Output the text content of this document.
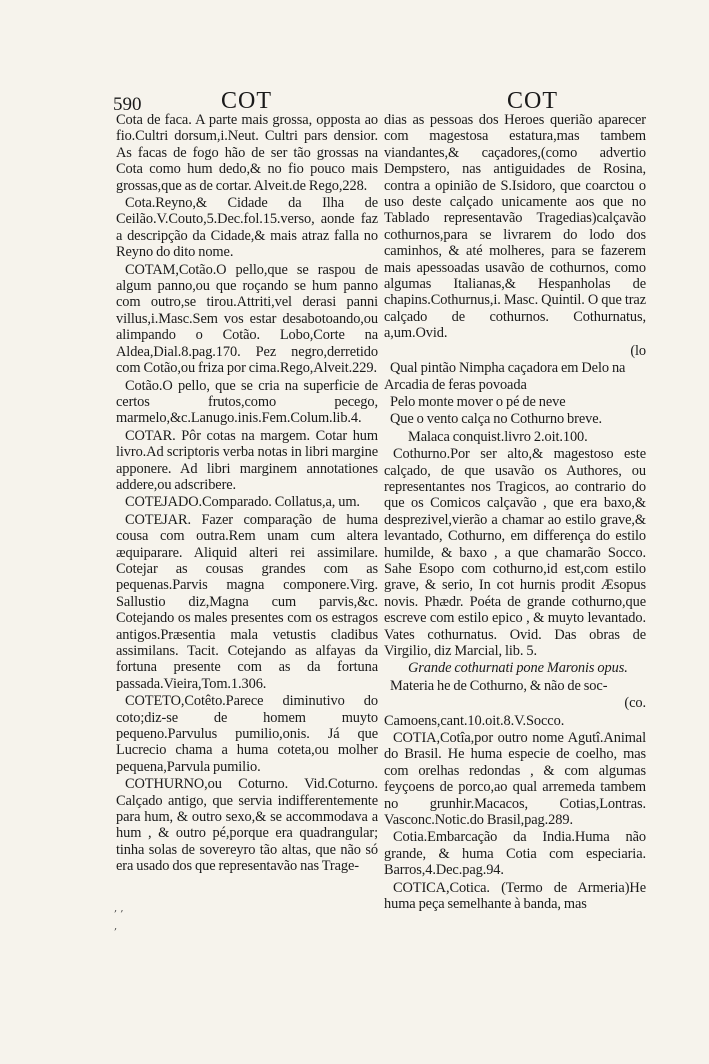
590	COT	COT

Cota de faca. A parte mais grossa, opposta ao fio.Cultri dorsum,i.Neut. Cultri pars densior. As facas de fogo hão de ser tão grossas na Cota como hum dedo,& no fio pouco mais grossas,que as de cortar. Alveit.de Rego,228.

Cota.Reyno,& Cidade da Ilha de Ceilão.V.Couto,5.Dec.fol.15.verso, aonde faz a descripção da Cidade,& mais atraz falla no Reyno do dito nome.

COTAM,Cotão.O pello,que se raspou de algum panno,ou que roçando se hum panno com outro,se tirou.Attriti,vel derasi panni villus,i.Masc.Sem vos estar desabotoando,ou alimpando o Cotão. Lobo,Corte na Aldea,Dial.8.pag.170. Pez negro,derretido com Cotão,ou friza por cima.Rego,Alveit.229.

Cotão.O pello, que se cria na superficie de certos frutos,como pecego, marmelo,&c.Lanugo.inis.Fem.Colum.lib.4.

COTAR. Pôr cotas na margem. Cotar hum livro.Ad scriptoris verba notas in libri margine apponere. Ad libri marginem annotationes addere,ou adscribere.

COTEJADO.Comparado. Collatus,a, um.

COTEJAR. Fazer comparação de huma cousa com outra.Rem unam cum altera æquiparare. Aliquid alteri rei assimilare. Cotejar as cousas grandes com as pequenas.Parvis magna componere.Virg. Sallustio diz,Magna cum parvis,&c. Cotejando os males presentes com os estragos antigos.Præsentia mala vetustis cladibus assimilans. Tacit. Cotejando as alfayas da fortuna presente com as da fortuna passada.Vieira,Tom.1.306.

COTETO,Cotêto.Parece diminutivo do coto;diz-se de homem muyto pequeno.Parvulus pumilio,onis. Já que Lucrecio chama a huma coteta,ou molher pequena,Parvula pumilio.

COTHURNO,ou Coturno. Vid.Coturno. Calçado antigo, que servia indifferentemente para hum, & outro sexo,& se accommodava a hum , & outro pé,porque era quadrangular; tinha solas de sovereyro tão altas, que não só era usado dos que representavão nas Trage-

dias as pessoas dos Heroes querião aparecer com magestosa estatura,mas tambem viandantes,& caçadores,(como advertio Dempstero, nas antiguidades de Rosina, contra a opinião de S.Isidoro, que coarctou o uso deste calçado unicamente aos que no Tablado representavão Tragedias)calçavão cothurnos,para se livrarem do lodo dos caminhos, & até molheres, para se fazerem mais apessoadas usavão de cothurnos, como algumas Italianas,& Hespanholas de chapins.Cothurnus,i. Masc. Quintil. O que traz calçado de cothurnos. Cothurnatus, a,um.Ovid.

(lo

Qual pintão Nimpha caçadora em Delo na Arcadia de feras povoada

Pelo monte mover o pé de neve

Que o vento calça no Cothurno breve.

Malaca conquist.livro 2.oit.100.

Cothurno.Por ser alto,& magestoso este calçado, de que usavão os Authores, ou representantes nos Tragicos, ao contrario do que os Comicos calçavão , que era baxo,& desprezivel,vierão a chamar ao estilo grave,& levantado, Cothurno, em differença do estilo humilde, & baxo , a que chamarão Socco. Sahe Esopo com cothurno,id est,com estilo grave, & serio, In cot hurnis prodit Æsopus novis. Phædr. Poéta de grande cothurno,que escreve com estilo epico , & muyto levantado. Vates cothurnatus. Ovid. Das obras de Virgilio, diz Marcial, lib. 5.

Grande cothurnati pone Maronis opus.

Materia he de Cothurno, & não de soc-

(co.

Camoens,cant.10.oit.8.V.Socco.

COTIA,Cotîa,por outro nome Agutî.Animal do Brasil. He huma especie de coelho, mas com orelhas redondas , & com algumas feyçoens de porco,ao qual arremeda tambem no grunhir.Macacos, Cotias,Lontras. Vasconc.Notic.do Brasil,pag.289.

Cotia.Embarcação da India.Huma não grande, & huma Cotia com especiaria. Barros,4.Dec.pag.94.

COTICA,Cotica. (Termo de Armeria)He huma peça semelhante à banda, mas

, , ,
